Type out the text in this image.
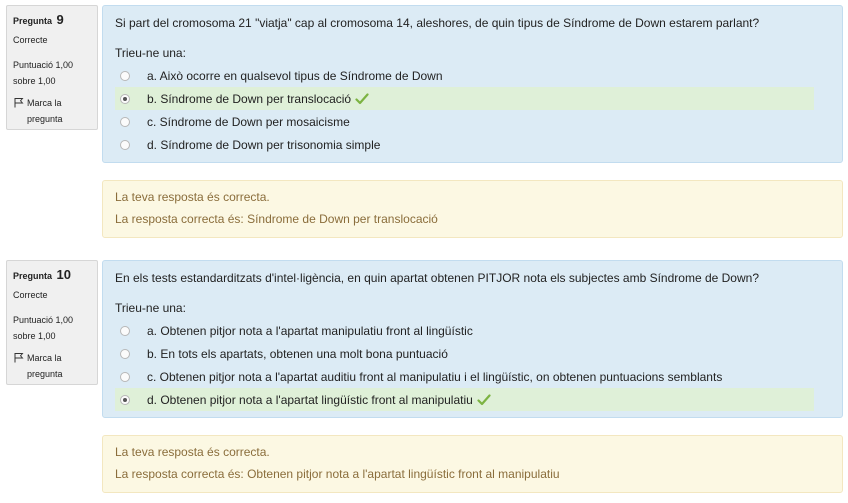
Pregunta 9
Correcte
Puntuació 1,00
sobre 1,00
Marca la
pregunta
Si part del cromosoma 21 "viatja" cap al cromosoma 14, aleshores, de quin tipus de Síndrome de Down estarem parlant?
Trieu-ne una:
a. Això ocorre en qualsevol tipus de Síndrome de Down
b. Síndrome de Down per translocació
c. Síndrome de Down per mosaicisme
d. Síndrome de Down per trisonomia simple
La teva resposta és correcta.
La resposta correcta és: Síndrome de Down per translocació
Pregunta 10
Correcte
Puntuació 1,00
sobre 1,00
Marca la
pregunta
En els tests estandarditzats d'intel·ligència, en quin apartat obtenen PITJOR nota els subjectes amb Síndrome de Down?
Trieu-ne una:
a. Obtenen pitjor nota a l'apartat manipulatiu front al lingüístic
b. En tots els apartats, obtenen una molt bona puntuació
c. Obtenen pitjor nota a l'apartat auditiu front al manipulatiu i el lingüístic, on obtenen puntuacions semblants
d. Obtenen pitjor nota a l'apartat lingüístic front al manipulatiu
La teva resposta és correcta.
La resposta correcta és: Obtenen pitjor nota a l'apartat lingüístic front al manipulatiu
